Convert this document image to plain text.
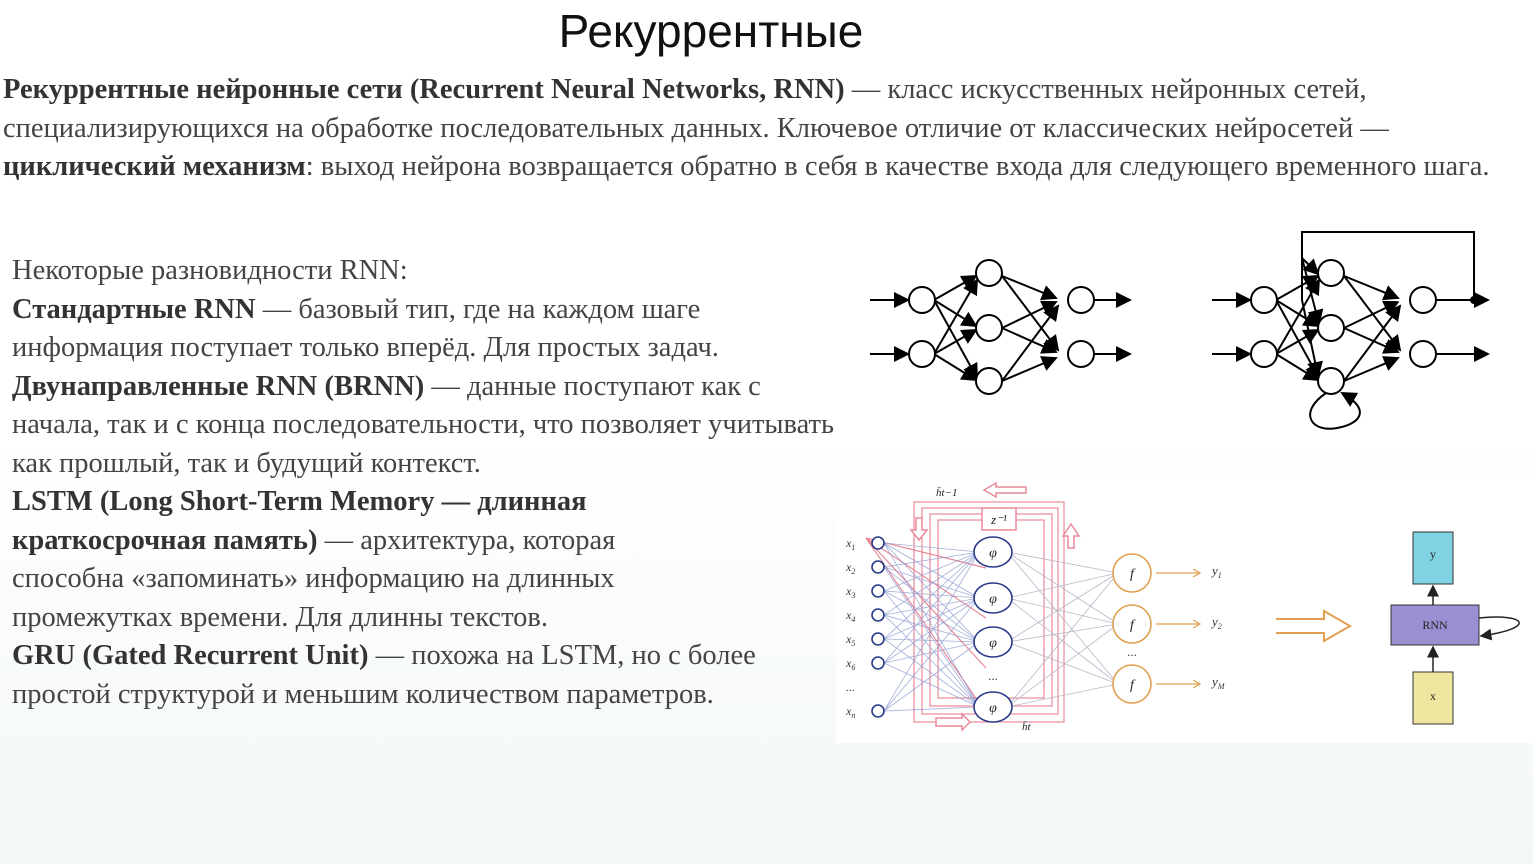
Рекуррентные
Рекуррентные нейронные сети (Recurrent Neural Networks, RNN) — класс искусственных нейронных сетей, специализирующихся на обработке последовательных данных. Ключевое отличие от классических нейросетей — циклический механизм: выход нейрона возвращается обратно в себя в качестве входа для следующего временного шага.
Некоторые разновидности RNN:
Стандартные RNN — базовый тип, где на каждом шаге информация поступает только вперёд. Для простых задач.
Двунаправленные RNN (BRNN) — данные поступают как с начала, так и с конца последовательности, что позволяет учитывать как прошлый, так и будущий контекст.
LSTM (Long Short-Term Memory — длинная краткосрочная память) — архитектура, которая способна «запоминать» информацию на длинных промежутках времени. Для длинны текстов.
GRU (Gated Recurrent Unit) — похожа на LSTM, но с более простой структурой и меньшим количеством параметров.
z⁻¹
h̄t−1
h̄t
$x_1$
$x_2$
$x_3$
$x_4$
$x_5$
$x_6$
...
$x_n$
φ
φ
φ
φ
...
f	$y_1$
f	$y_2$
f	$y_M$
...
y
RNN
x
